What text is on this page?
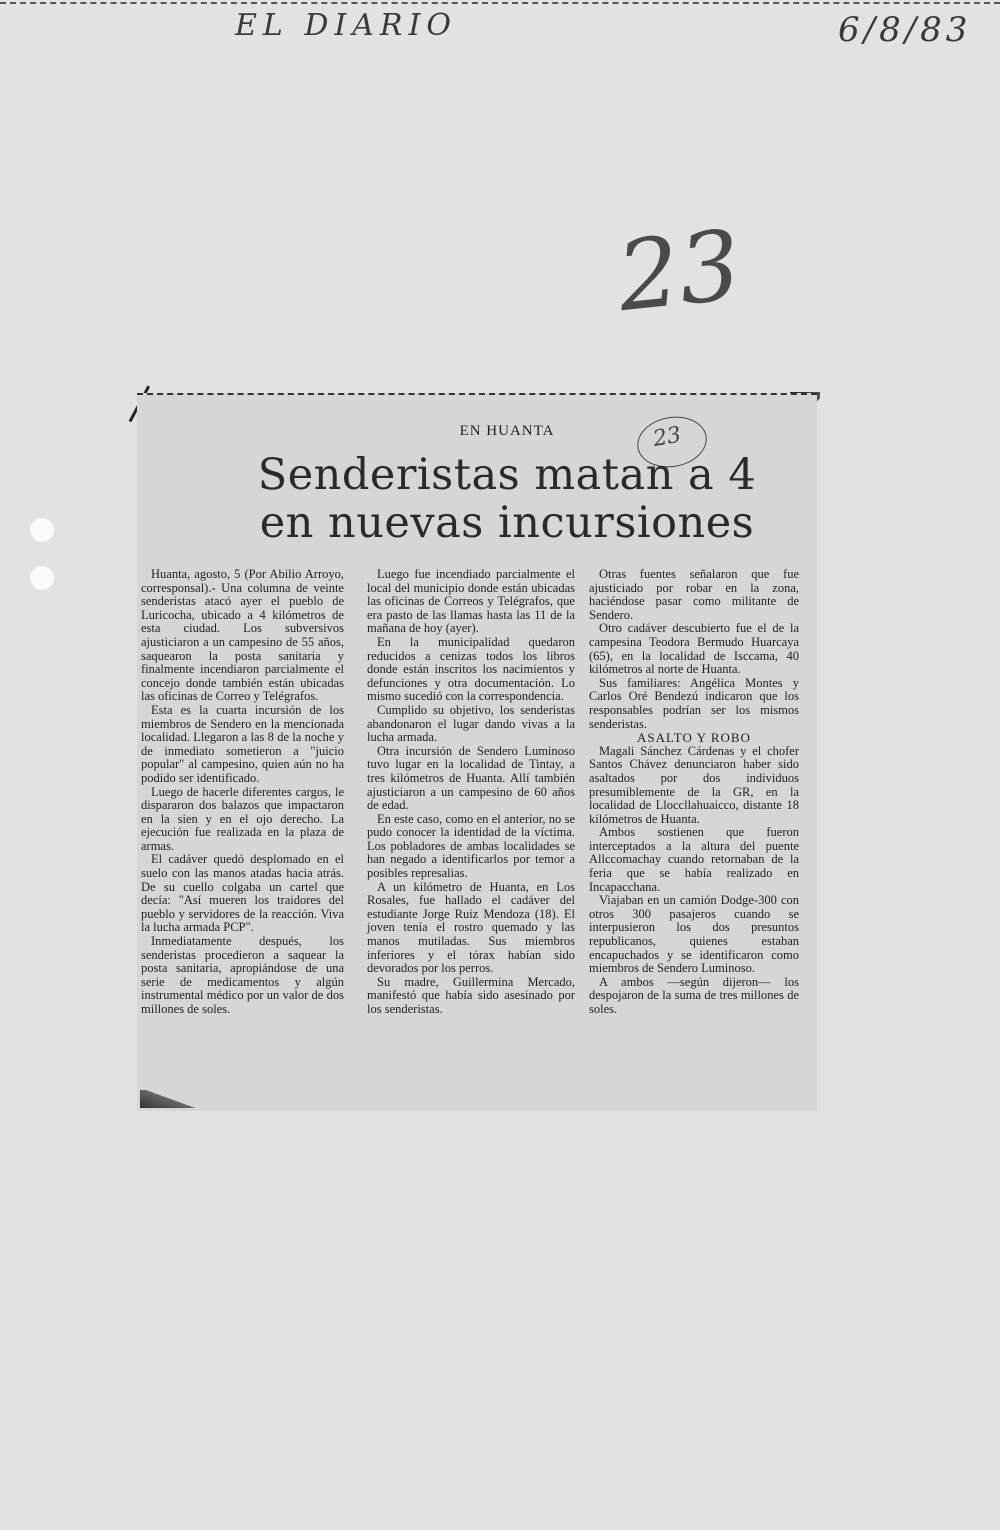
EL DIARIO	6/8/83
23
EN HUANTA	23
Senderistas matan a 4
en nuevas incursiones

Huanta, agosto, 5 (Por Abilio Arroyo, corresponsal).- Una columna de veinte senderistas atacó ayer el pueblo de Luricocha, ubicado a 4 kilómetros de esta ciudad. Los subversivos ajusticiaron a un campesino de 55 años, saquearon la posta sanitaria y finalmente incendiaron parcialmente el concejo donde también están ubicadas las oficinas de Correo y Telégrafos.

Esta es la cuarta incursión de los miembros de Sendero en la mencionada localidad. Llegaron a las 8 de la noche y de inmediato sometieron a "juicio popular" al campesino, quien aún no ha podido ser identificado.

Luego de hacerle diferentes cargos, le dispararon dos balazos que impactaron en la sien y en el ojo derecho. La ejecución fue realizada en la plaza de armas.

El cadáver quedó desplomado en el suelo con las manos atadas hacia atrás. De su cuello colgaba un cartel que decía: "Así mueren los traidores del pueblo y servidores de la reacción. Viva la lucha armada PCP".

Inmediatamente después, los senderistas procedieron a saquear la posta sanitaria, apropiándose de una serie de medicamentos y algún instrumental médico por un valor de dos millones de soles.

Luego fue incendiado parcialmente el local del municipio donde están ubicadas las oficinas de Correos y Telégrafos, que era pasto de las llamas hasta las 11 de la mañana de hoy (ayer).

En la municipalidad quedaron reducidos a cenizas todos los libros donde están inscritos los nacimientos y defunciones y otra documentación. Lo mismo sucedió con la correspondencia.

Cumplido su objetivo, los senderistas abandonaron el lugar dando vivas a la lucha armada.

Otra incursión de Sendero Luminoso tuvo lugar en la localidad de Tintay, a tres kilómetros de Huanta. Allí también ajusticiaron a un campesino de 60 años de edad.

En este caso, como en el anterior, no se pudo conocer la identidad de la víctima. Los pobladores de ambas localidades se han negado a identificarlos por temor a posibles represalias.

A un kilómetro de Huanta, en Los Rosales, fue hallado el cadáver del estudiante Jorge Ruiz Mendoza (18). El joven tenía el rostro quemado y las manos mutiladas. Sus miembros inferiores y el tórax habían sido devorados por los perros.

Su madre, Guillermina Mercado, manifestó que había sido asesinado por los senderistas.

Otras fuentes señalaron que fue ajusticiado por robar en la zona, haciéndose pasar como militante de Sendero.

Otro cadáver descubierto fue el de la campesina Teodora Bermudo Huarcaya (65), en la localidad de Isccama, 40 kilómetros al norte de Huanta.

Sus familiares: Angélica Montes y Carlos Oré Bendezú indicaron que los responsables podrían ser los mismos senderistas.

ASALTO Y ROBO

Magali Sánchez Cárdenas y el chofer Santos Chávez denunciaron haber sido asaltados por dos individuos presumiblemente de la GR, en la localidad de Lloccllahuaicco, distante 18 kilómetros de Huanta.

Ambos sostienen que fueron interceptados a la altura del puente Allccomachay cuando retornaban de la feria que se había realizado en Incapacchana.

Viajaban en un camión Dodge-300 con otros 300 pasajeros cuando se interpusieron los dos presuntos republicanos, quienes estaban encapuchados y se identificaron como miembros de Sendero Luminoso.

A ambos —según dijeron— los despojaron de la suma de tres millones de soles.
